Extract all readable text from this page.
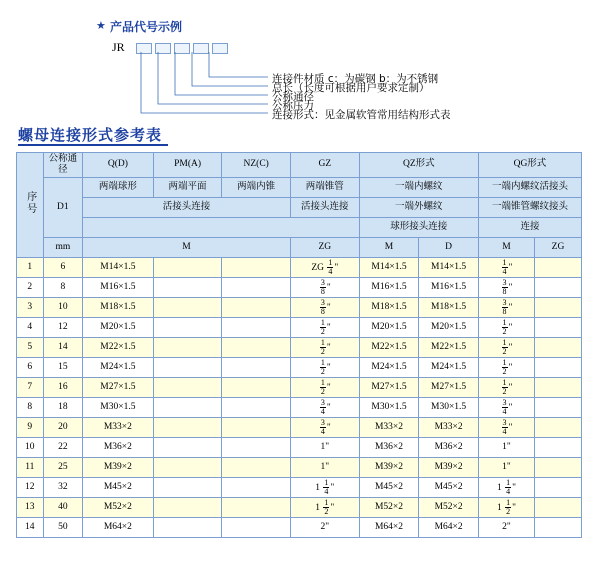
★ 产品代号示例
JR
连接件材质 c：为碳钢 b：为不锈钢
总长（长度可根据用户要求定制）
公称通径
公称压力
连接形式：见金属软管常用结构形式表
螺母连接形式参考表
序号	公称通径	Q(D)	PM(A)	NZ(C)	GZ	QZ形式		QG形式	
	D1	两端球形	两端平面	两端内锥	两端锥管	一端内螺纹		一端内螺纹活接头	
		活接头连接			活接头连接	一端外螺纹		一端锥管螺纹接头	
						球形接头连接		连接	
	mm	M			ZG	M	D	M	ZG
1	6	M14×1.5			ZG $\frac{1}{4}$ "	M14×1.5	M14×1.5	$\frac{1}{4}$ "	
2	8	M16×1.5			$\frac{3}{8}$ "	M16×1.5	M16×1.5	$\frac{3}{8}$ "	
3	10	M18×1.5			$\frac{3}{8}$ "	M18×1.5	M18×1.5	$\frac{3}{8}$ "	
4	12	M20×1.5			$\frac{1}{2}$ "	M20×1.5	M20×1.5	$\frac{1}{2}$ "	
5	14	M22×1.5			$\frac{1}{2}$ "	M22×1.5	M22×1.5	$\frac{1}{2}$ "	
6	15	M24×1.5			$\frac{1}{2}$ "	M24×1.5	M24×1.5	$\frac{1}{2}$ "	
7	16	M27×1.5			$\frac{1}{2}$ "	M27×1.5	M27×1.5	$\frac{1}{2}$ "	
8	18	M30×1.5			$\frac{3}{4}$ "	M30×1.5	M30×1.5	$\frac{3}{4}$ "	
9	20	M33×2			$\frac{3}{4}$ "	M33×2	M33×2	$\frac{3}{4}$ "	
10	22	M36×2			1"	M36×2	M36×2	1"	
11	25	M39×2			1"	M39×2	M39×2	1"	
12	32	M45×2			$1 \frac{1}{4}$ "	M45×2	M45×2	$1 \frac{1}{4}$ "	
13	40	M52×2			$1 \frac{1}{2}$ "	M52×2	M52×2	$1 \frac{1}{2}$ "	
14	50	M64×2			2"	M64×2	M64×2	2"	
